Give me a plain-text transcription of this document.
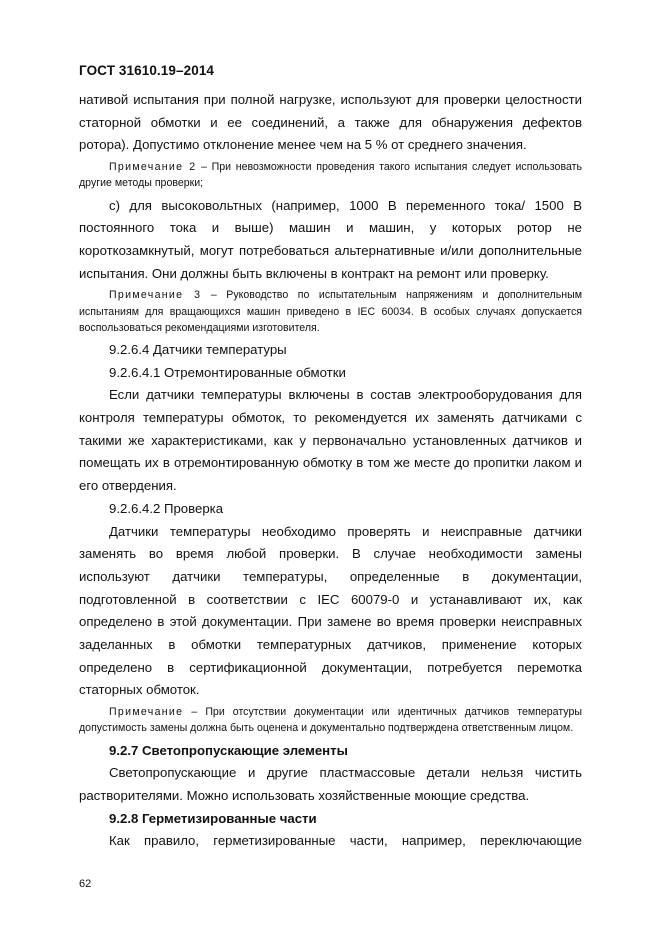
ГОСТ 31610.19–2014

нативой испытания при полной нагрузке, используют для проверки целостности статорной обмотки и ее соединений, а также для обнаружения дефектов ротора). Допустимо отклонение менее чем на 5 % от среднего значения.

Примечание 2 – При невозможности проведения такого испытания следует использовать другие методы проверки;

с) для высоковольтных (например, 1000 В переменного тока/ 1500 В постоянного тока и выше) машин и машин, у которых ротор не короткозамкнутый, могут потребоваться альтернативные и/или дополнительные испытания. Они должны быть включены в контракт на ремонт или проверку.

Примечание 3 – Руководство по испытательным напряжениям и дополнительным испытаниям для вращающихся машин приведено в IEC 60034. В особых случаях допускается воспользоваться рекомендациями изготовителя.

9.2.6.4 Датчики температуры

9.2.6.4.1 Отремонтированные обмотки

Если датчики температуры включены в состав электрооборудования для контроля температуры обмоток, то рекомендуется их заменять датчиками с такими же характеристиками, как у первоначально установленных датчиков и помещать их в отремонтированную обмотку в том же месте до пропитки лаком и его отвердения.

9.2.6.4.2 Проверка

Датчики температуры необходимо проверять и неисправные датчики заменять во время любой проверки. В случае необходимости замены используют датчики температуры, определенные в документации, подготовленной в соответствии с IEC 60079-0 и устанавливают их, как определено в этой документации. При замене во время проверки неисправных заделанных в обмотки температурных датчиков, применение которых определено в сертификационной документации, потребуется перемотка статорных обмоток.

Примечание – При отсутствии документации или идентичных датчиков температуры допустимость замены должна быть оценена и документально подтверждена ответственным лицом.

9.2.7 Светопропускающие элементы

Светопропускающие и другие пластмассовые детали нельзя чистить растворителями. Можно использовать хозяйственные моющие средства.

9.2.8 Герметизированные части

Как правило, герметизированные части, например, переключающие

62
